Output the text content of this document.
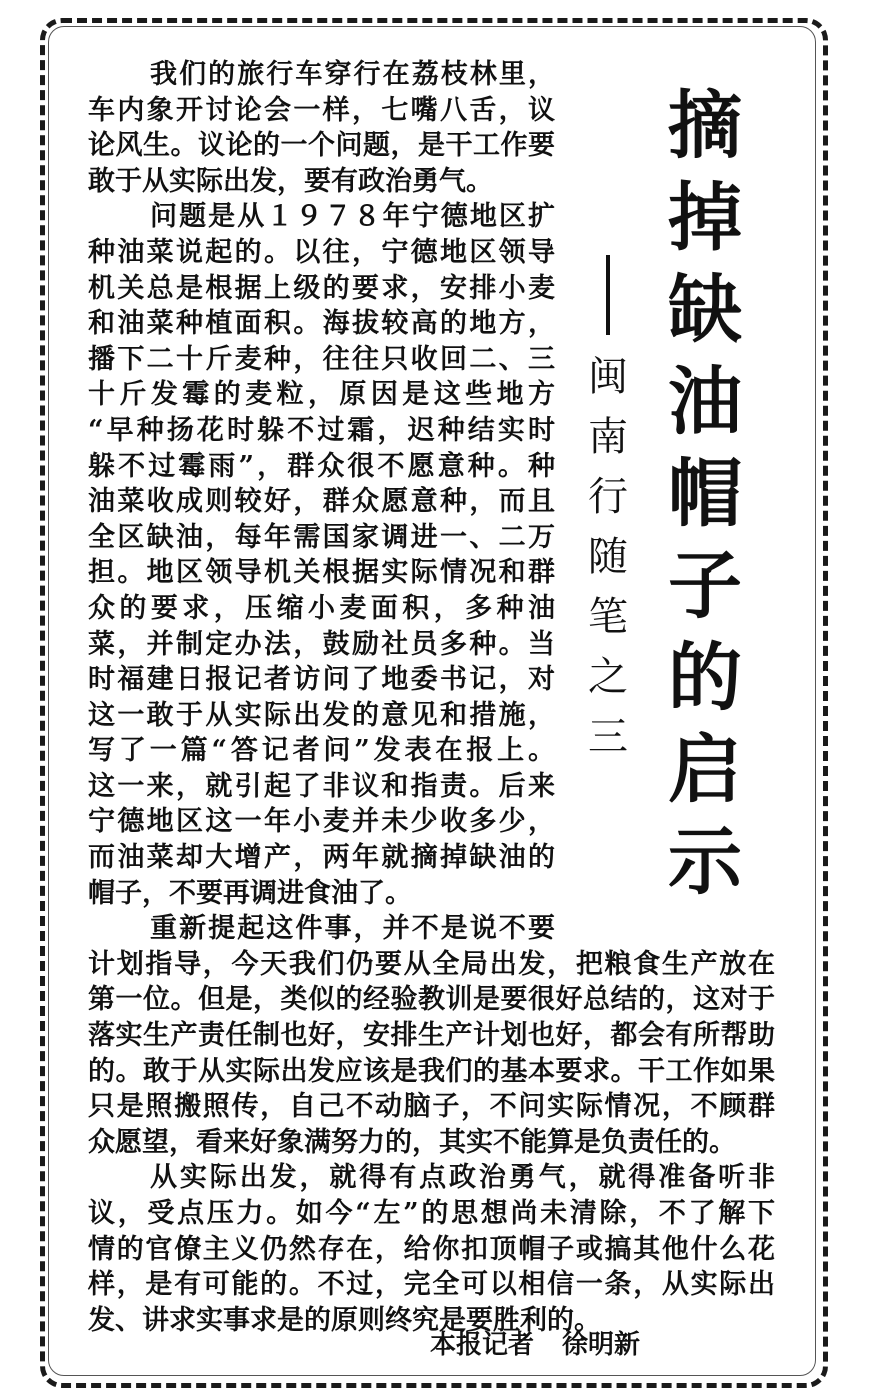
摘
掉
缺
油
帽
子
的
启
示
闽
南
行
随
笔
之
三
我们的旅行车穿行在荔枝林里，
车内象开讨论会一样，七嘴八舌，议
论风生。议论的一个问题，是干工作要
敢于从实际出发，要有政治勇气。
问题是从１９７８年宁德地区扩
种油菜说起的。以往，宁德地区领导
机关总是根据上级的要求，安排小麦
和油菜种植面积。海拔较高的地方，
播下二十斤麦种，往往只收回二、三
十斤发霉的麦粒，原因是这些地方
“早种扬花时躲不过霜，迟种结实时
躲不过霉雨”，群众很不愿意种。种
油菜收成则较好，群众愿意种，而且
全区缺油，每年需国家调进一、二万
担。地区领导机关根据实际情况和群
众的要求，压缩小麦面积，多种油
菜，并制定办法，鼓励社员多种。当
时福建日报记者访问了地委书记，对
这一敢于从实际出发的意见和措施，
写了一篇“答记者问”发表在报上。
这一来，就引起了非议和指责。后来
宁德地区这一年小麦并未少收多少，
而油菜却大增产，两年就摘掉缺油的
帽子，不要再调进食油了。
重新提起这件事，并不是说不要
计划指导，今天我们仍要从全局出发，把粮食生产放在
第一位。但是，类似的经验教训是要很好总结的，这对于
落实生产责任制也好，安排生产计划也好，都会有所帮助
的。敢于从实际出发应该是我们的基本要求。干工作如果
只是照搬照传，自己不动脑子，不问实际情况，不顾群
众愿望，看来好象满努力的，其实不能算是负责任的。
从实际出发，就得有点政治勇气，就得准备听非
议，受点压力。如今“左”的思想尚未清除，不了解下
情的官僚主义仍然存在，给你扣顶帽子或搞其他什么花
样，是有可能的。不过，完全可以相信一条，从实际出
发、讲求实事求是的原则终究是要胜利的。
本报记者 徐明新
